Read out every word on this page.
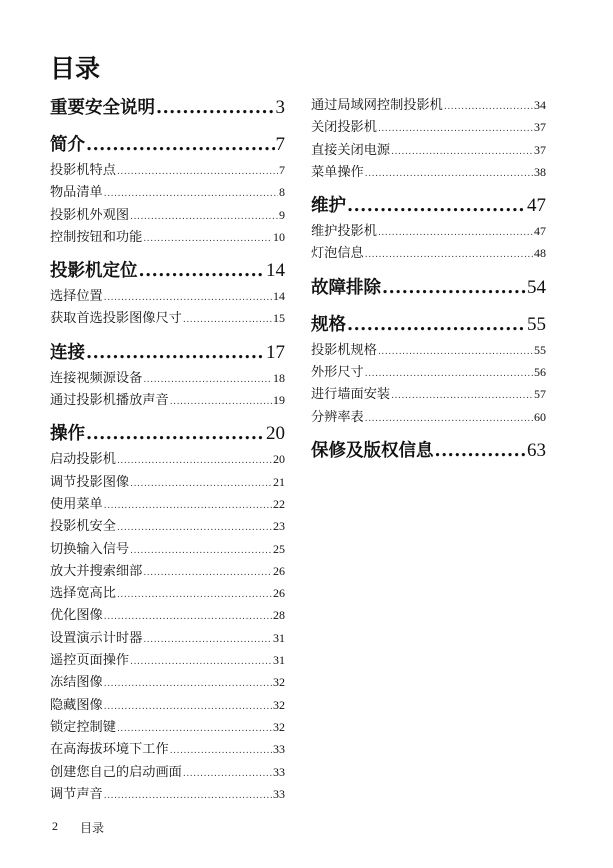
目录
重要安全说明 .....	3
简介 .....	7
投影机特点 .....	7
物品清单 .....	8
投影机外观图 .....	9
控制按钮和功能 .....	10
投影机定位 .....	14
选择位置 .....	14
获取首选投影图像尺寸 .....	15
连接 .....	17
连接视频源设备 .....	18
通过投影机播放声音 .....	19
操作 .....	20
启动投影机 .....	20
调节投影图像 .....	21
使用菜单 .....	22
投影机安全 .....	23
切换输入信号 .....	25
放大并搜索细部 .....	26
选择宽高比 .....	26
优化图像 .....	28
设置演示计时器 .....	31
遥控页面操作 .....	31
冻结图像 .....	32
隐藏图像 .....	32
锁定控制键 .....	32
在高海拔环境下工作 .....	33
创建您自己的启动画面 .....	33
调节声音 .....	33
通过局域网控制投影机 .....	34
关闭投影机 .....	37
直接关闭电源 .....	37
菜单操作 .....	38
维护 .....	47
维护投影机 .....	47
灯泡信息 .....	48
故障排除 .....	54
规格 .....	55
投影机规格 .....	55
外形尺寸 .....	56
进行墙面安装 .....	57
分辨率表 .....	60
保修及版权信息 .....	63
2 目录
